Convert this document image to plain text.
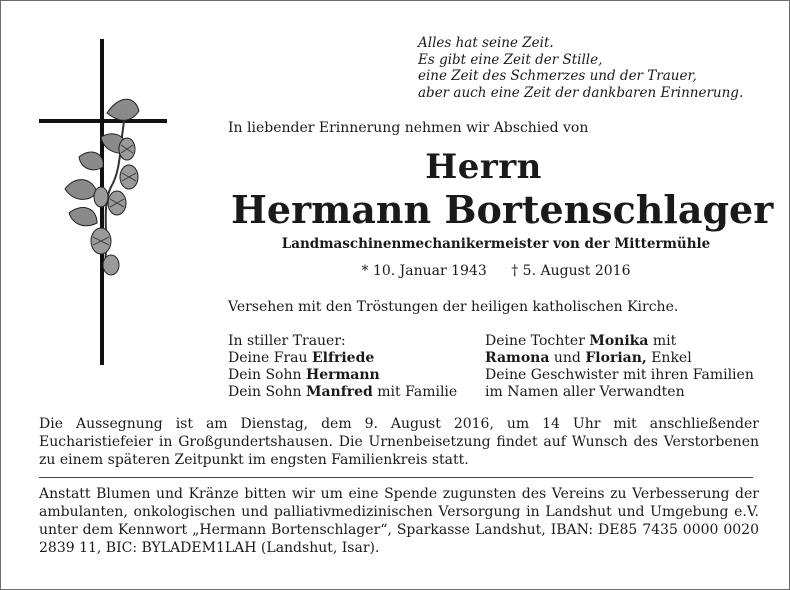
Alles hat seine Zeit.
Es gibt eine Zeit der Stille,
eine Zeit des Schmerzes und der Trauer,
aber auch eine Zeit der dankbaren Erinnerung.
In liebender Erinnerung nehmen wir Abschied von
Herrn
Hermann Bortenschlager
Landmaschinenmechanikermeister von der Mittermühle
* 10. Januar 1943 † 5. August 2016
Versehen mit den Tröstungen der heiligen katholischen Kirche.
In stiller Trauer:
Deine Frau Elfriede
Dein Sohn Hermann
Dein Sohn Manfred mit Familie
Deine Tochter Monika mit
Ramona und Florian, Enkel
Deine Geschwister mit ihren Familien
im Namen aller Verwandten
Die Aussegnung ist am Dienstag, dem 9. August 2016, um 14 Uhr mit anschließender Eucharistiefeier in Großgundertshausen. Die Urnenbeisetzung findet auf Wunsch des Verstorbenen zu einem späteren Zeitpunkt im engsten Familienkreis statt.
Anstatt Blumen und Kränze bitten wir um eine Spende zugunsten des Vereins zu Verbesserung der ambulanten, onkologischen und palliativmedizinischen Versorgung in Landshut und Umgebung e.V. unter dem Kennwort „Hermann Bortenschlager“, Sparkasse Landshut, IBAN: DE85 7435 0000 0020 2839 11, BIC: BYLADEM1LAH (Landshut, Isar).
